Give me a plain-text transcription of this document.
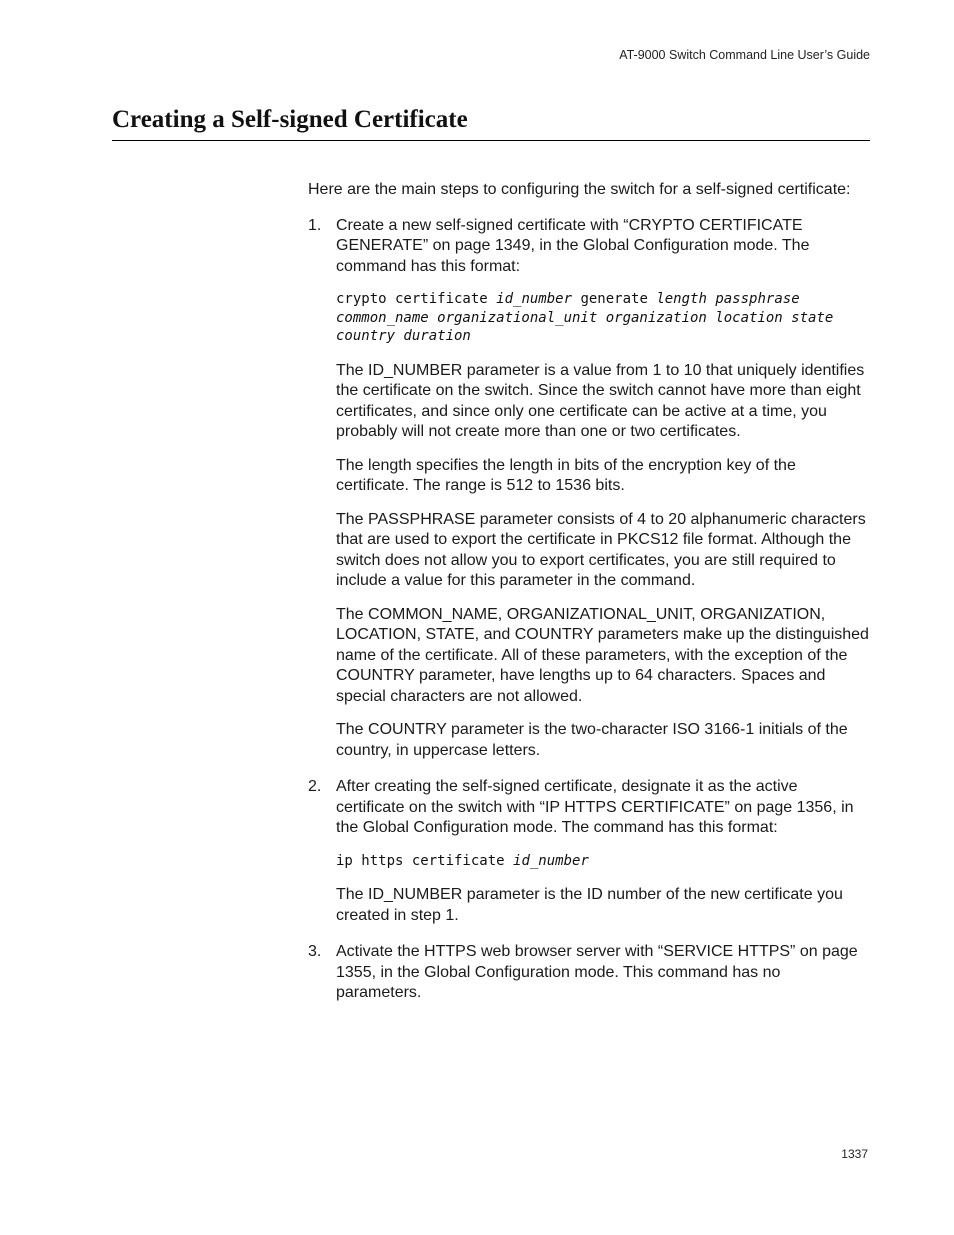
AT-9000 Switch Command Line User’s Guide
Creating a Self-signed Certificate

Here are the main steps to configuring the switch for a self-signed certificate:

1. Create a new self-signed certificate with “CRYPTO CERTIFICATE GENERATE” on page 1349, in the Global Configuration mode. The command has this format:

crypto certificate id_number generate length passphrase common_name organizational_unit organization location state country duration

The ID_NUMBER parameter is a value from 1 to 10 that uniquely identifies the certificate on the switch. Since the switch cannot have more than eight certificates, and since only one certificate can be active at a time, you probably will not create more than one or two certificates.

The length specifies the length in bits of the encryption key of the certificate. The range is 512 to 1536 bits.

The PASSPHRASE parameter consists of 4 to 20 alphanumeric characters that are used to export the certificate in PKCS12 file format. Although the switch does not allow you to export certificates, you are still required to include a value for this parameter in the command.

The COMMON_NAME, ORGANIZATIONAL_UNIT, ORGANIZATION, LOCATION, STATE, and COUNTRY parameters make up the distinguished name of the certificate. All of these parameters, with the exception of the COUNTRY parameter, have lengths up to 64 characters. Spaces and special characters are not allowed.

The COUNTRY parameter is the two-character ISO 3166-1 initials of the country, in uppercase letters.

2. After creating the self-signed certificate, designate it as the active certificate on the switch with “IP HTTPS CERTIFICATE” on page 1356, in the Global Configuration mode. The command has this format:

ip https certificate id_number

The ID_NUMBER parameter is the ID number of the new certificate you created in step 1.

3. Activate the HTTPS web browser server with “SERVICE HTTPS” on page 1355, in the Global Configuration mode. This command has no parameters.

1337
